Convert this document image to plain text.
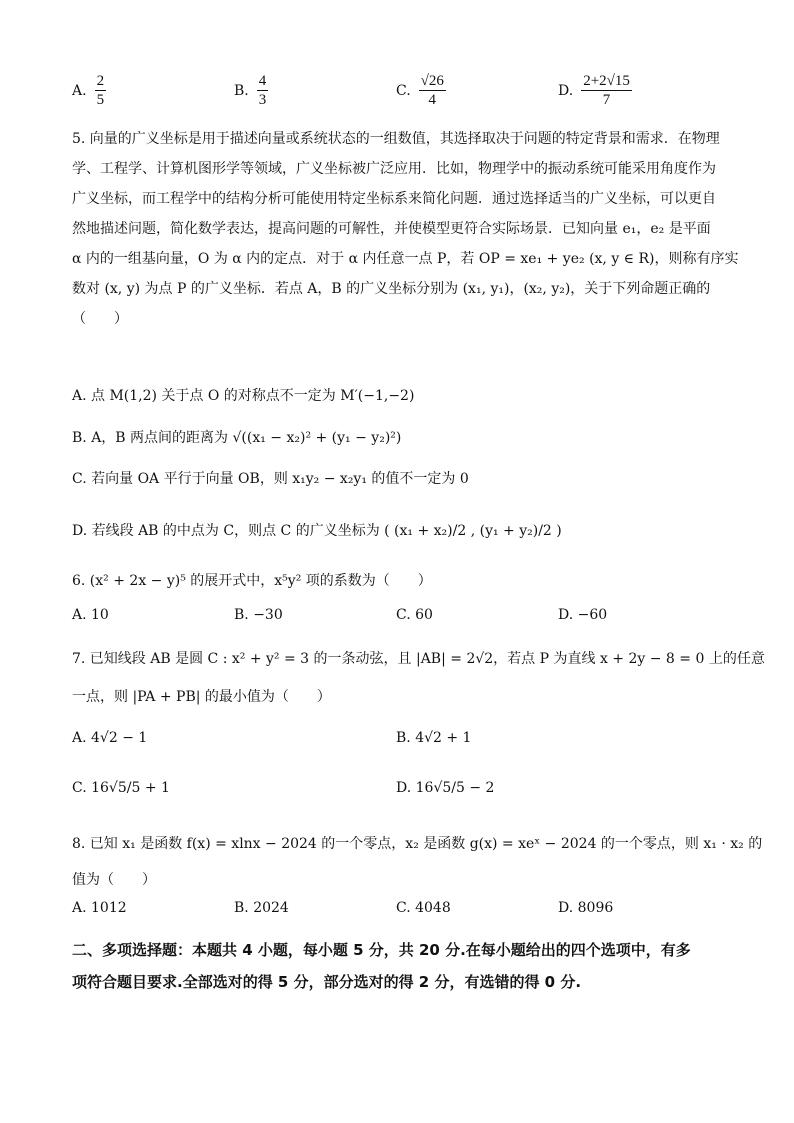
A. $\frac{2}{5}$	B. $\frac{4}{3}$	C. $\frac{√26}{4}$	D. $\frac{2+2√15}{7}$
5. 向量的广义坐标是用于描述向量或系统状态的一组数值，其选择取决于问题的特定背景和需求．在物理
学、工程学、计算机图形学等领域，广义坐标被广泛应用．比如，物理学中的振动系统可能采用角度作为
广义坐标，而工程学中的结构分析可能使用特定坐标系来简化问题．通过选择适当的广义坐标，可以更自
然地描述问题，简化数学表达，提高问题的可解性，并使模型更符合实际场景．已知向量 e₁，e₂ 是平面
α 内的一组基向量，O 为 α 内的定点．对于 α 内任意一点 P，若 OP = xe₁ + ye₂ (x, y ∈ R)，则称有序实
数对 (x, y) 为点 P 的广义坐标．若点 A，B 的广义坐标分别为 (x₁, y₁)，(x₂, y₂)，关于下列命题正确的
（　　）
A. 点 M(1,2) 关于点 O 的对称点不一定为 M′(−1,−2)
B. A，B 两点间的距离为 √((x₁ − x₂)² + (y₁ − y₂)²)
C. 若向量 OA 平行于向量 OB，则 x₁y₂ − x₂y₁ 的值不一定为 0
D. 若线段 AB 的中点为 C，则点 C 的广义坐标为 ( (x₁ + x₂)/2 , (y₁ + y₂)/2 )
6. (x² + 2x − y)⁵ 的展开式中，x⁵y² 项的系数为（　　）
A. 10	B. −30	C. 60	D. −60
7. 已知线段 AB 是圆 C : x² + y² = 3 的一条动弦，且 |AB| = 2√2，若点 P 为直线 x + 2y − 8 = 0 上的任意
一点，则 |PA + PB| 的最小值为（　　）
A. 4√2 − 1	B. 4√2 + 1
C. 16√5/5 + 1	D. 16√5/5 − 2
8. 已知 x₁ 是函数 f(x) = xlnx − 2024 的一个零点，x₂ 是函数 g(x) = xeˣ − 2024 的一个零点，则 x₁ · x₂ 的
值为（　　）
A. 1012	B. 2024	C. 4048	D. 8096
二、多项选择题：本题共 4 小题，每小题 5 分，共 20 分.在每小题给出的四个选项中，有多
项符合题目要求.全部选对的得 5 分，部分选对的得 2 分，有选错的得 0 分.
